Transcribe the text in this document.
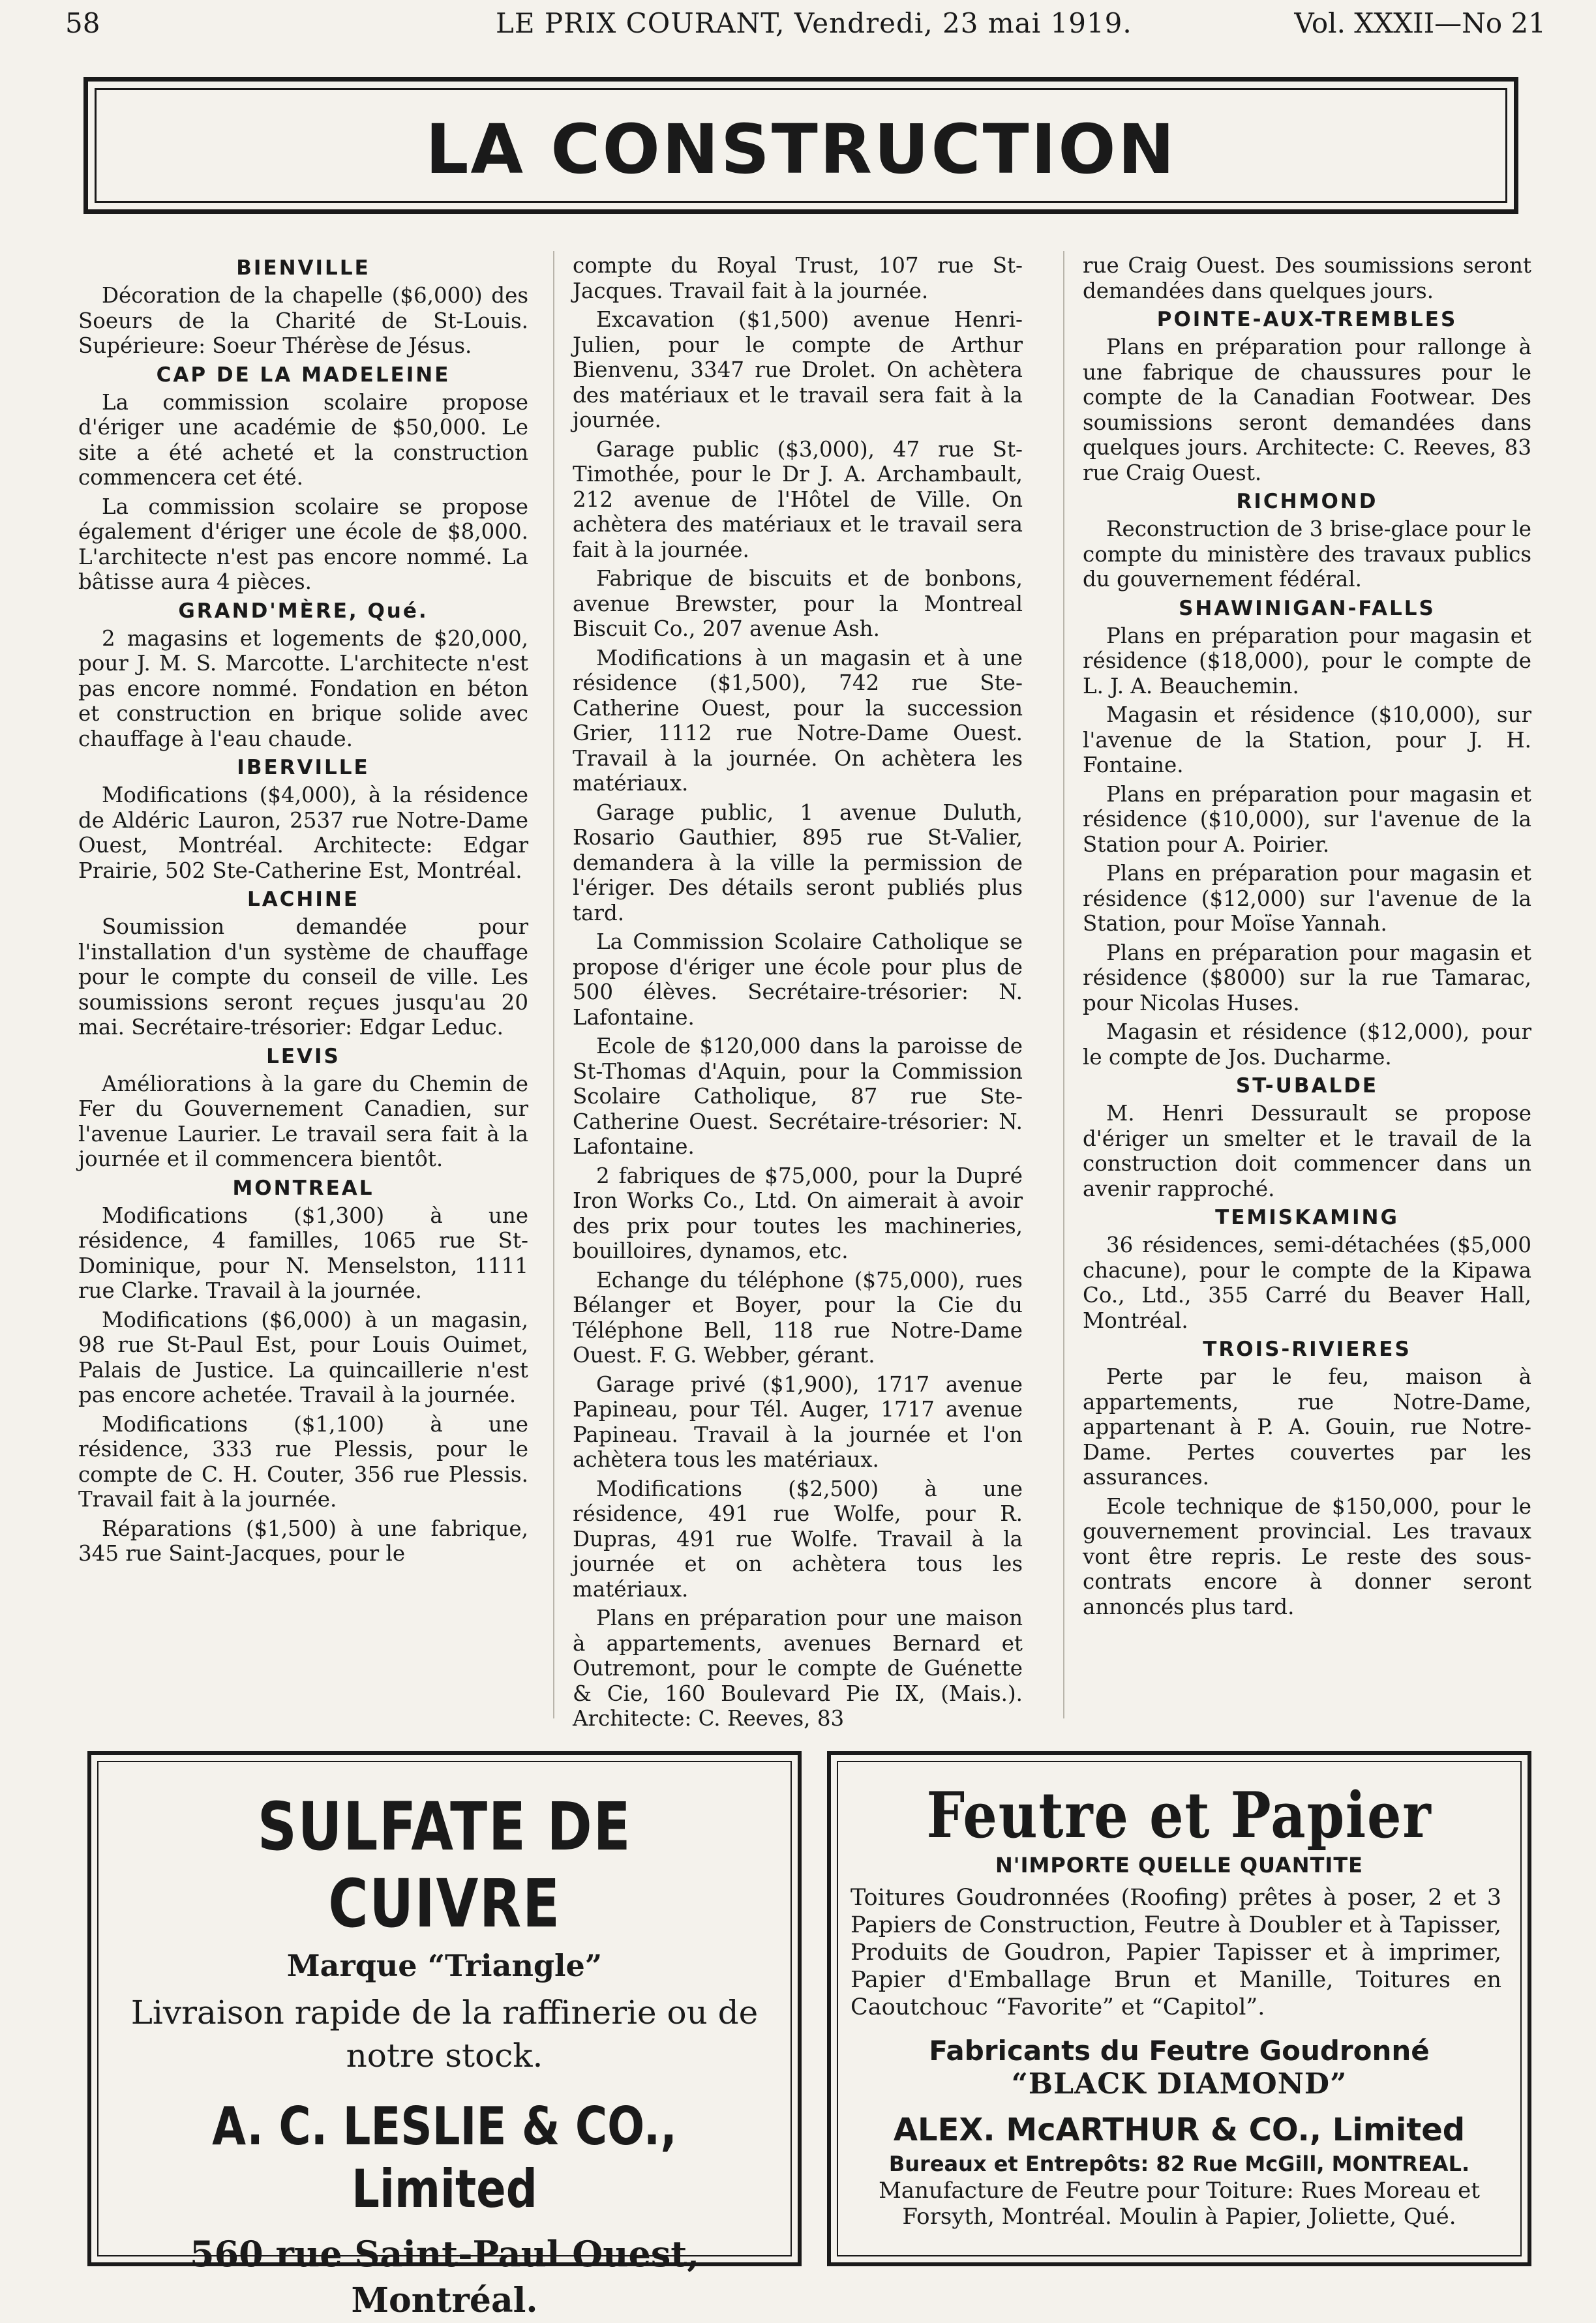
58	LE PRIX COURANT, Vendredi, 23 mai 1919.	Vol. XXXII—No 21
LA CONSTRUCTION

BIENVILLE

Décoration de la chapelle ($6,000) des Soeurs de la Charité de St-Louis. Supérieure: Soeur Thérèse de Jésus.

CAP DE LA MADELEINE

La commission scolaire propose d'ériger une académie de $50,000. Le site a été acheté et la construction commencera cet été.

La commission scolaire se propose également d'ériger une école de $8,000. L'architecte n'est pas encore nommé. La bâtisse aura 4 pièces.

GRAND'MÈRE, Qué.

2 magasins et logements de $20,000, pour J. M. S. Marcotte. L'architecte n'est pas encore nommé. Fondation en béton et construction en brique solide avec chauffage à l'eau chaude.

IBERVILLE

Modifications ($4,000), à la résidence de Aldéric Lauron, 2537 rue Notre-Dame Ouest, Montréal. Architecte: Edgar Prairie, 502 Ste-Catherine Est, Montréal.

LACHINE

Soumission demandée pour l'installation d'un système de chauffage pour le compte du conseil de ville. Les soumissions seront reçues jusqu'au 20 mai. Secrétaire-trésorier: Edgar Leduc.

LEVIS

Améliorations à la gare du Chemin de Fer du Gouvernement Canadien, sur l'avenue Laurier. Le travail sera fait à la journée et il commencera bientôt.

MONTREAL

Modifications ($1,300) à une résidence, 4 familles, 1065 rue St-Dominique, pour N. Menselston, 1111 rue Clarke. Travail à la journée.

Modifications ($6,000) à un magasin, 98 rue St-Paul Est, pour Louis Ouimet, Palais de Justice. La quincaillerie n'est pas encore achetée. Travail à la journée.

Modifications ($1,100) à une résidence, 333 rue Plessis, pour le compte de C. H. Couter, 356 rue Plessis. Travail fait à la journée.

Réparations ($1,500) à une fabrique, 345 rue Saint-Jacques, pour le

compte du Royal Trust, 107 rue St-Jacques. Travail fait à la journée.

Excavation ($1,500) avenue Henri-Julien, pour le compte de Arthur Bienvenu, 3347 rue Drolet. On achètera des matériaux et le travail sera fait à la journée.

Garage public ($3,000), 47 rue St-Timothée, pour le Dr J. A. Archambault, 212 avenue de l'Hôtel de Ville. On achètera des matériaux et le travail sera fait à la journée.

Fabrique de biscuits et de bonbons, avenue Brewster, pour la Montreal Biscuit Co., 207 avenue Ash.

Modifications à un magasin et à une résidence ($1,500), 742 rue Ste-Catherine Ouest, pour la succession Grier, 1112 rue Notre-Dame Ouest. Travail à la journée. On achètera les matériaux.

Garage public, 1 avenue Duluth, Rosario Gauthier, 895 rue St-Valier, demandera à la ville la permission de l'ériger. Des détails seront publiés plus tard.

La Commission Scolaire Catholique se propose d'ériger une école pour plus de 500 élèves. Secrétaire-trésorier: N. Lafontaine.

Ecole de $120,000 dans la paroisse de St-Thomas d'Aquin, pour la Commission Scolaire Catholique, 87 rue Ste-Catherine Ouest. Secrétaire-trésorier: N. Lafontaine.

2 fabriques de $75,000, pour la Dupré Iron Works Co., Ltd. On aimerait à avoir des prix pour toutes les machineries, bouilloires, dynamos, etc.

Echange du téléphone ($75,000), rues Bélanger et Boyer, pour la Cie du Téléphone Bell, 118 rue Notre-Dame Ouest. F. G. Webber, gérant.

Garage privé ($1,900), 1717 avenue Papineau, pour Tél. Auger, 1717 avenue Papineau. Travail à la journée et l'on achètera tous les matériaux.

Modifications ($2,500) à une résidence, 491 rue Wolfe, pour R. Dupras, 491 rue Wolfe. Travail à la journée et on achètera tous les matériaux.

Plans en préparation pour une maison à appartements, avenues Bernard et Outremont, pour le compte de Guénette & Cie, 160 Boulevard Pie IX, (Mais.). Architecte: C. Reeves, 83

rue Craig Ouest. Des soumissions seront demandées dans quelques jours.

POINTE-AUX-TREMBLES

Plans en préparation pour rallonge à une fabrique de chaussures pour le compte de la Canadian Footwear. Des soumissions seront demandées dans quelques jours. Architecte: C. Reeves, 83 rue Craig Ouest.

RICHMOND

Reconstruction de 3 brise-glace pour le compte du ministère des travaux publics du gouvernement fédéral.

SHAWINIGAN-FALLS

Plans en préparation pour magasin et résidence ($18,000), pour le compte de L. J. A. Beauchemin.

Magasin et résidence ($10,000), sur l'avenue de la Station, pour J. H. Fontaine.

Plans en préparation pour magasin et résidence ($10,000), sur l'avenue de la Station pour A. Poirier.

Plans en préparation pour magasin et résidence ($12,000) sur l'avenue de la Station, pour Moïse Yannah.

Plans en préparation pour magasin et résidence ($8000) sur la rue Tamarac, pour Nicolas Huses.

Magasin et résidence ($12,000), pour le compte de Jos. Ducharme.

ST-UBALDE

M. Henri Dessurault se propose d'ériger un smelter et le travail de la construction doit commencer dans un avenir rapproché.

TEMISKAMING

36 résidences, semi-détachées ($5,000 chacune), pour le compte de la Kipawa Co., Ltd., 355 Carré du Beaver Hall, Montréal.

TROIS-RIVIERES

Perte par le feu, maison à appartements, rue Notre-Dame, appartenant à P. A. Gouin, rue Notre-Dame. Pertes couvertes par les assurances.

Ecole technique de $150,000, pour le gouvernement provincial. Les travaux vont être repris. Le reste des sous-contrats encore à donner seront annoncés plus tard.

SULFATE DE CUIVRE
Marque “Triangle”
Livraison rapide de la raffinerie ou de notre stock.
A. C. LESLIE & CO., Limited
560 rue Saint-Paul Ouest,
Montréal.
Feutre et Papier
N'IMPORTE QUELLE QUANTITE
Toitures Goudronnées (Roofing) prêtes à poser, 2 et 3 Papiers de Construction, Feutre à Doubler et à Tapisser, Produits de Goudron, Papier Tapisser et à imprimer, Papier d'Emballage Brun et Manille, Toitures en Caoutchouc “Favorite” et “Capitol”.
Fabricants du Feutre Goudronné
“BLACK DIAMOND”
ALEX. McARTHUR & CO., Limited
Bureaux et Entrepôts: 82 Rue McGill, MONTREAL.
Manufacture de Feutre pour Toiture: Rues Moreau et Forsyth, Montréal. Moulin à Papier, Joliette, Qué.
